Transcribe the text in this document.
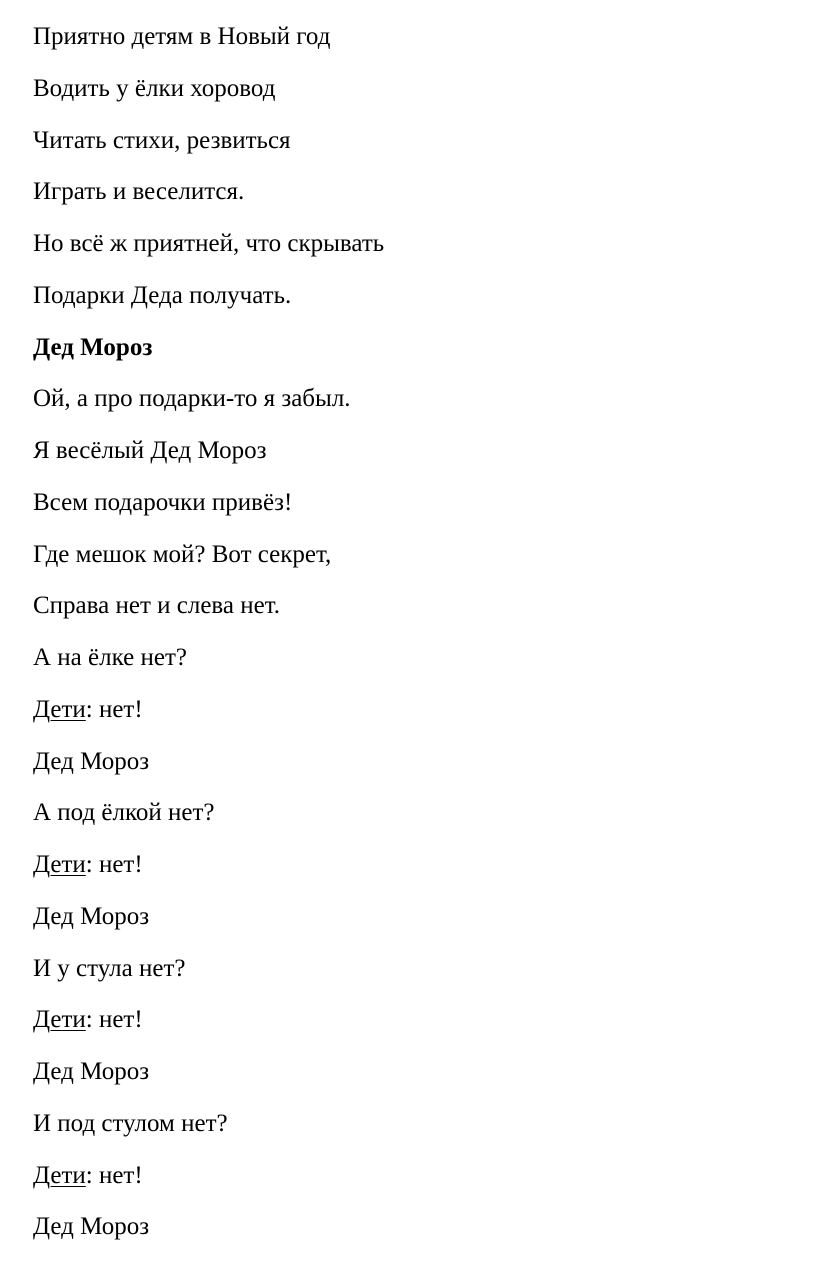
Приятно детям в Новый год
Водить у ёлки хоровод
Читать стихи, резвиться
Играть и веселится.
Но всё ж приятней, что скрывать
Подарки Деда получать.
Дед Мороз
Ой, а про подарки-то я забыл.
Я весёлый Дед Мороз
Всем подарочки привёз!
Где мешок мой? Вот секрет,
Справа нет и слева нет.
А на ёлке нет?
Дети: нет!
Дед Мороз
А под ёлкой нет?
Дети: нет!
Дед Мороз
И у стула нет?
Дети: нет!
Дед Мороз
И под стулом нет?
Дети: нет!
Дед Мороз
